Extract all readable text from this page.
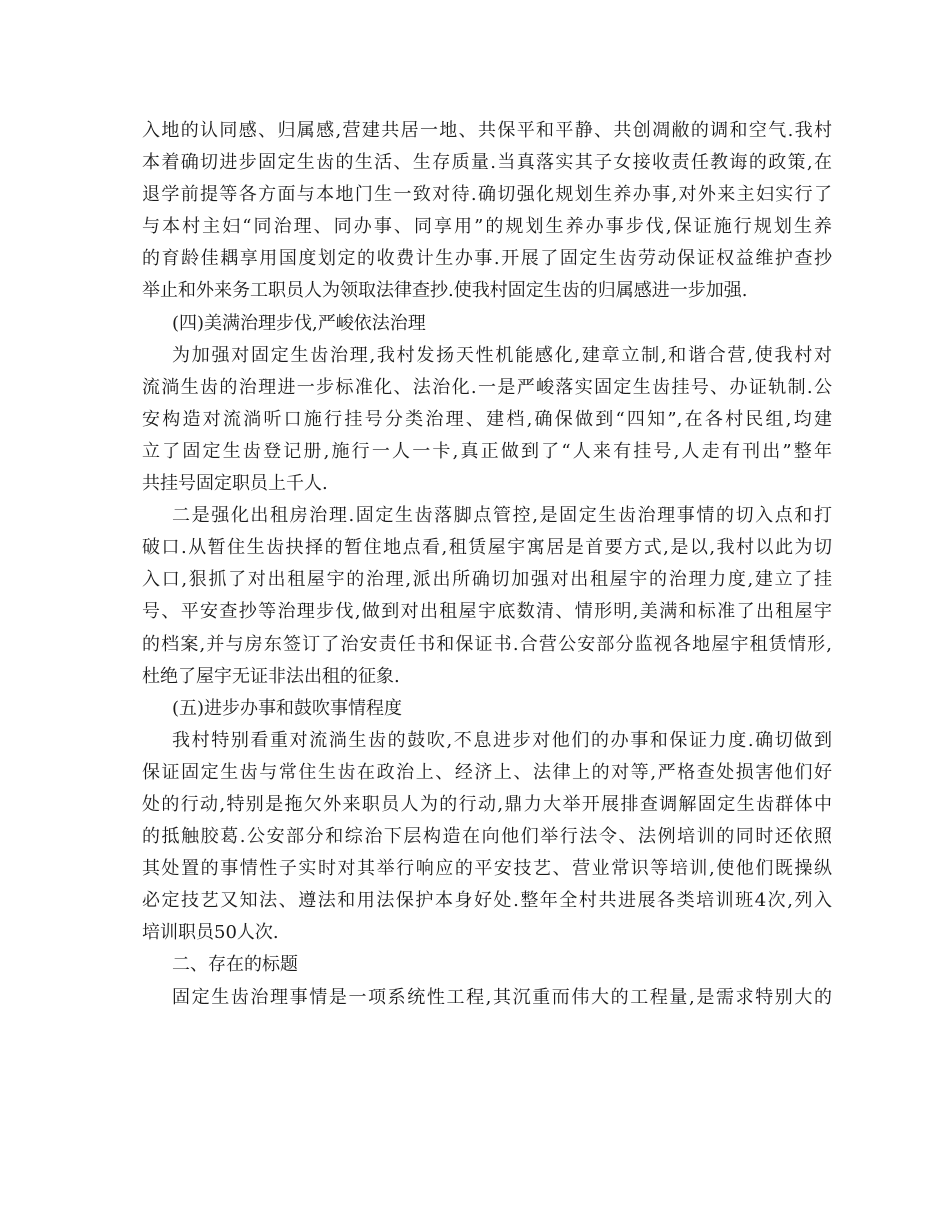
入地的认同感、归属感,营建共居一地、共保平和平静、共创凋敝的调和空气.我村
本着确切进步固定生齿的生活、生存质量.当真落实其子女接收责任教诲的政策,在
退学前提等各方面与本地门生一致对待.确切强化规划生养办事,对外来主妇实行了
与本村主妇“同治理、同办事、同享用”的规划生养办事步伐,保证施行规划生养
的育龄佳耦享用国度划定的收费计生办事.开展了固定生齿劳动保证权益维护查抄
举止和外来务工职员人为领取法律查抄.使我村固定生齿的归属感进一步加强.
(四)美满治理步伐,严峻依法治理
为加强对固定生齿治理,我村发扬天性机能感化,建章立制,和谐合营,使我村对
流淌生齿的治理进一步标准化、法治化.一是严峻落实固定生齿挂号、办证轨制.公
安构造对流淌听口施行挂号分类治理、建档,确保做到“四知”,在各村民组,均建
立了固定生齿登记册,施行一人一卡,真正做到了“人来有挂号,人走有刊出”整年
共挂号固定职员上千人.
二是强化出租房治理.固定生齿落脚点管控,是固定生齿治理事情的切入点和打
破口.从暂住生齿抉择的暂住地点看,租赁屋宇寓居是首要方式,是以,我村以此为切
入口,狠抓了对出租屋宇的治理,派出所确切加强对出租屋宇的治理力度,建立了挂
号、平安查抄等治理步伐,做到对出租屋宇底数清、情形明,美满和标准了出租屋宇
的档案,并与房东签订了治安责任书和保证书.合营公安部分监视各地屋宇租赁情形,
杜绝了屋宇无证非法出租的征象.
(五)进步办事和鼓吹事情程度
我村特别看重对流淌生齿的鼓吹,不息进步对他们的办事和保证力度.确切做到
保证固定生齿与常住生齿在政治上、经济上、法律上的对等,严格查处损害他们好
处的行动,特别是拖欠外来职员人为的行动,鼎力大举开展排查调解固定生齿群体中
的抵触胶葛.公安部分和综治下层构造在向他们举行法令、法例培训的同时还依照
其处置的事情性子实时对其举行响应的平安技艺、营业常识等培训,使他们既操纵
必定技艺又知法、遵法和用法保护本身好处.整年全村共进展各类培训班4次,列入
培训职员50人次.
二、存在的标题
固定生齿治理事情是一项系统性工程,其沉重而伟大的工程量,是需求特别大的
